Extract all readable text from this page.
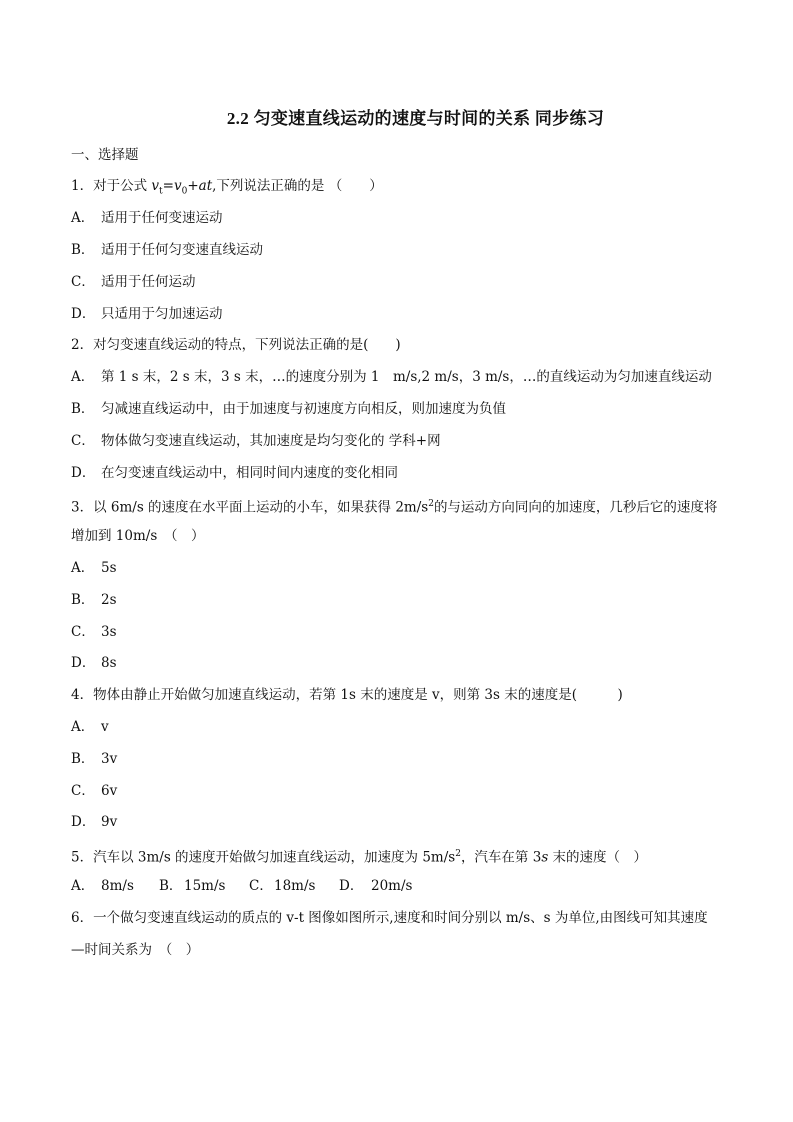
2.2 匀变速直线运动的速度与时间的关系 同步练习
一、选择题
1．对于公式 $v_t=v_0+at$,下列说法正确的是 （　　）
A． 适用于任何变速运动
B． 适用于任何匀变速直线运动
C． 适用于任何运动
D． 只适用于匀加速运动
2．对匀变速直线运动的特点，下列说法正确的是(　　)
A． 第 1 s 末，2 s 末，3 s 末，…的速度分别为 1　m/s,2 m/s，3 m/s，…的直线运动为匀加速直线运动
B． 匀减速直线运动中，由于加速度与初速度方向相反，则加速度为负值
C． 物体做匀变速直线运动，其加速度是均匀变化的 学科+网
D． 在匀变速直线运动中，相同时间内速度的变化相同
3．以 6m/s 的速度在水平面上运动的小车，如果获得 $2m/s^2$的与运动方向同向的加速度，几秒后它的速度将
增加到 10m/s　（　）
A． 5s
B． 2s
C． 3s
D． 8s
4．物体由静止开始做匀加速直线运动，若第 1s 末的速度是 v，则第 3s 末的速度是(　　　)
A． v
B． 3v
C． 6v
D． 9v
5．汽车以 3m/s 的速度开始做匀加速直线运动，加速度为 $5m/s^2$，汽车在第 3s 末的速度（　）
A． 8m/s B． 15m/s C．18m/s D． 20m/s
6．一个做匀变速直线运动的质点的 v-t 图像如图所示,速度和时间分别以 m/s、s 为单位,由图线可知其速度
—时间关系为　（　）
